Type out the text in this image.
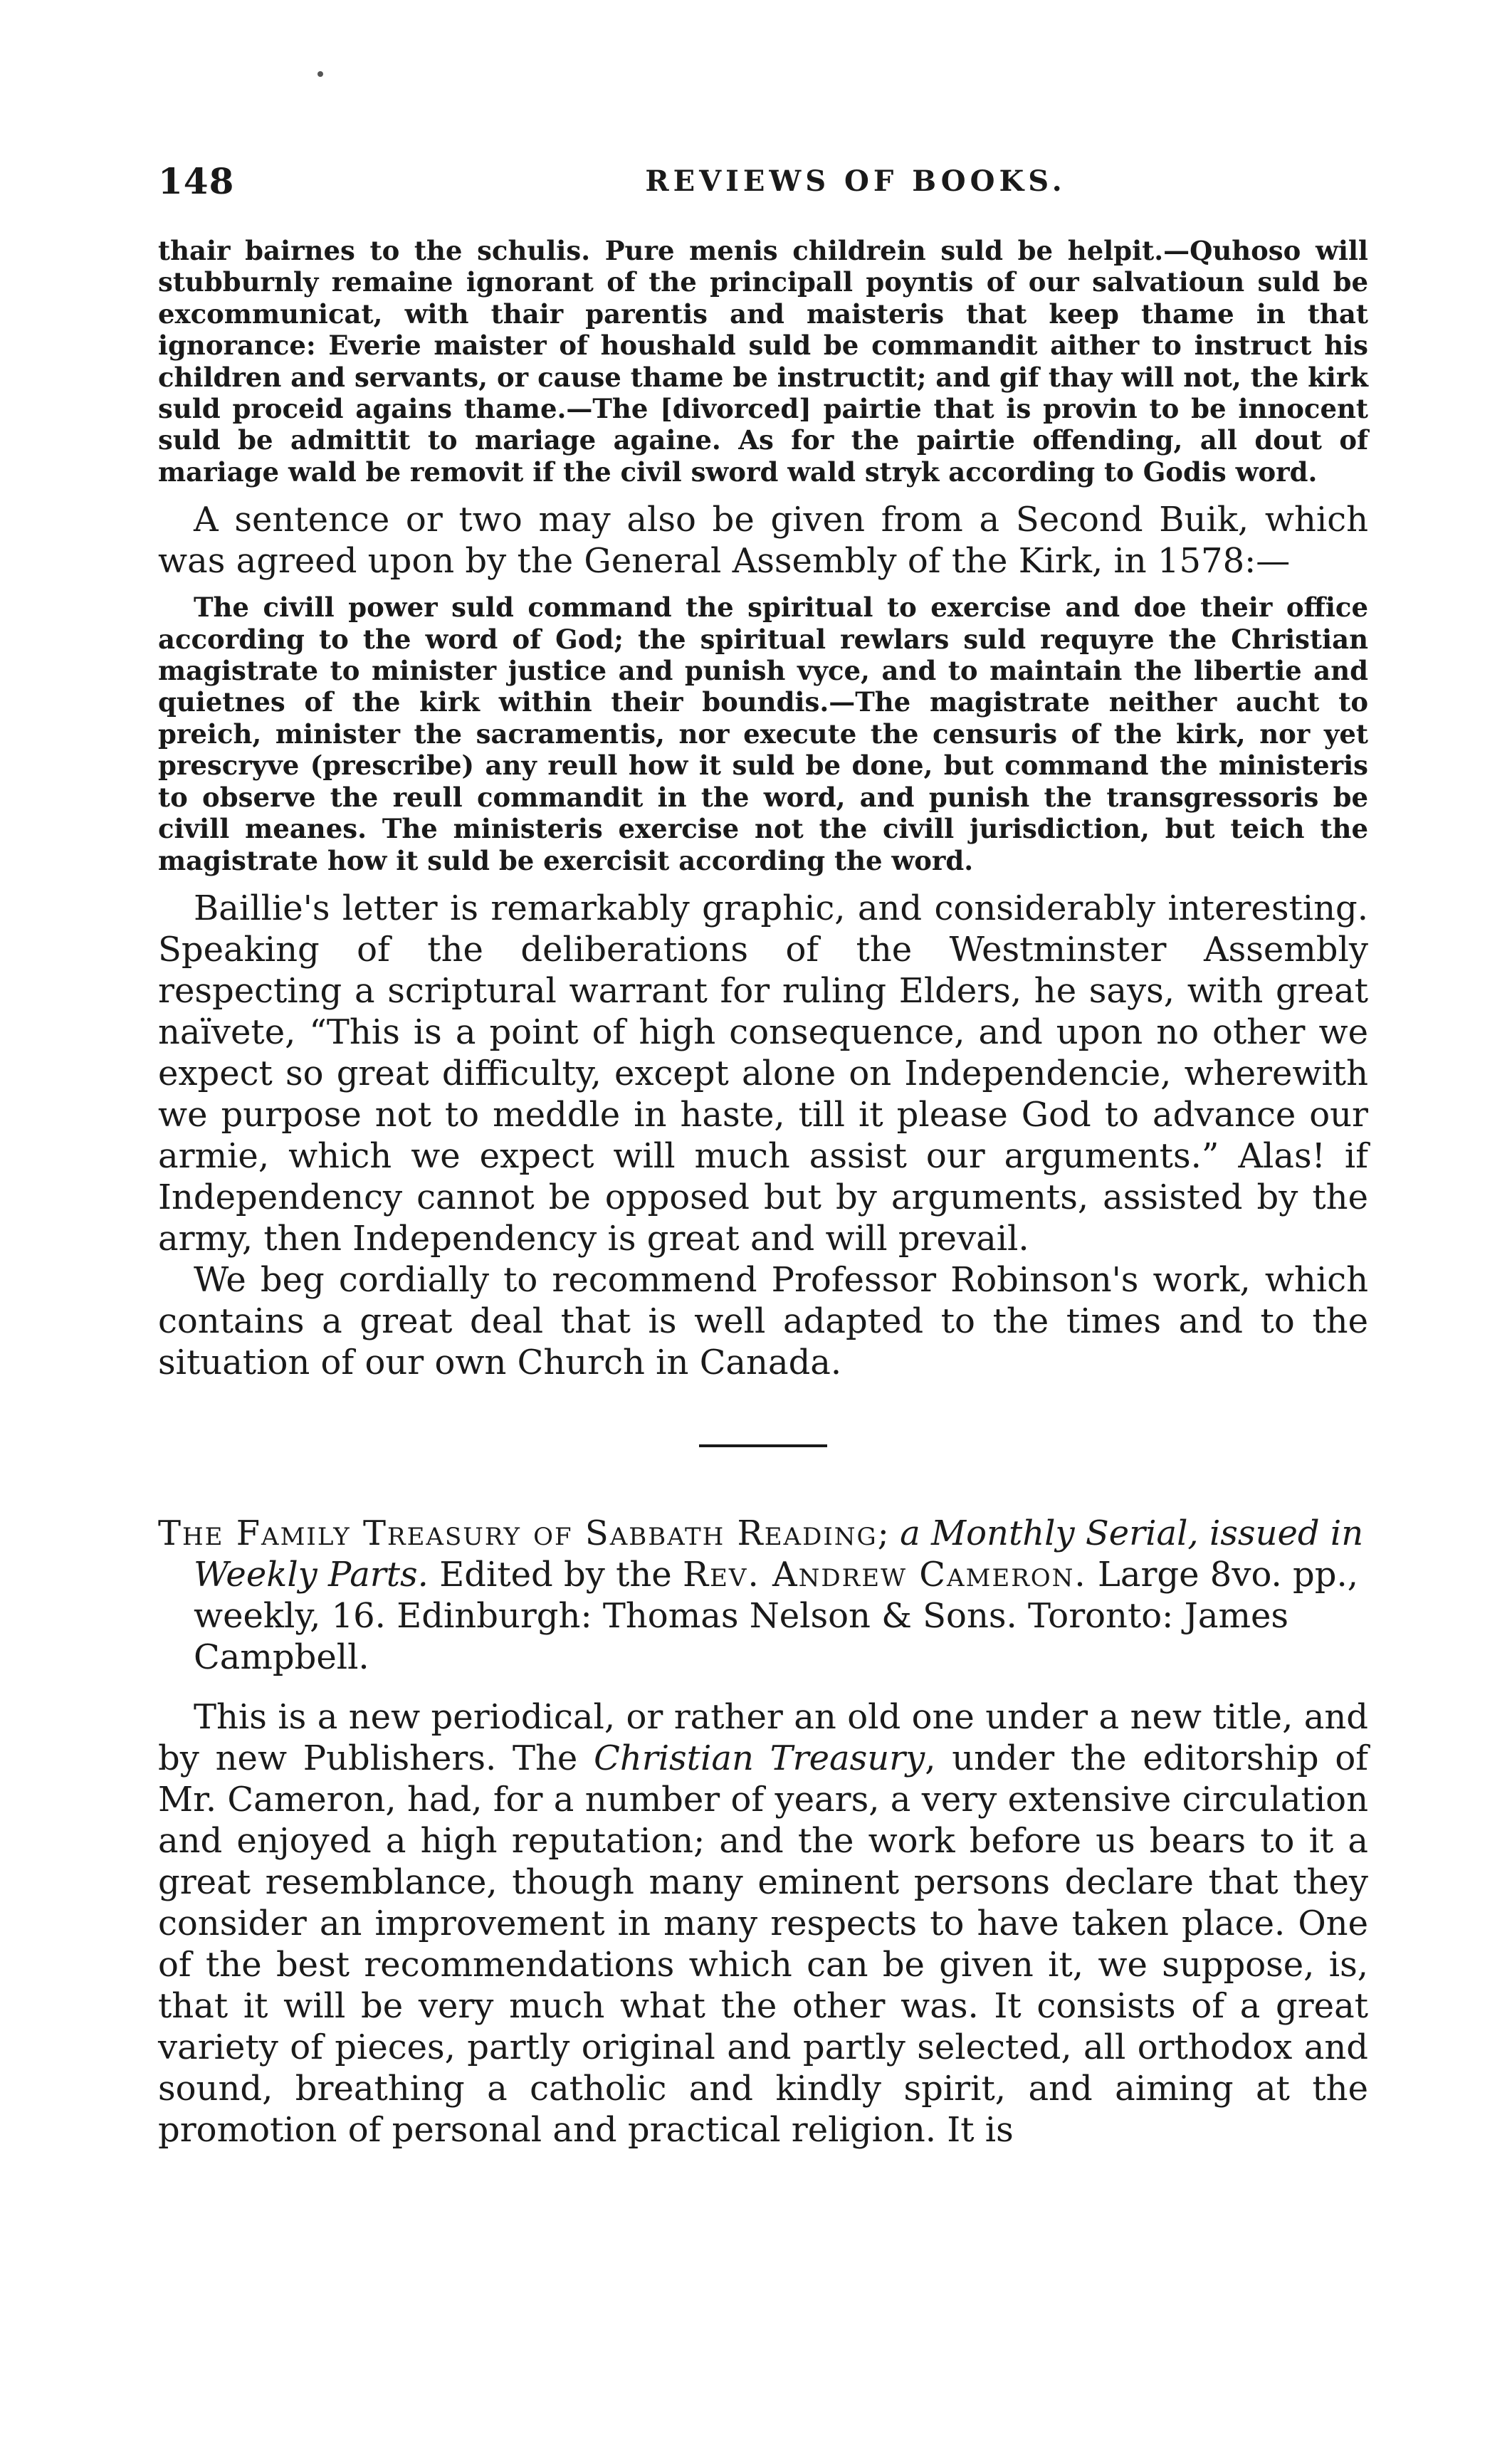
148	REVIEWS OF BOOKS.

thair bairnes to the schulis. Pure menis childrein suld be helpit.—Quhoso will stubburnly remaine ignorant of the principall poyntis of our salvatioun suld be excommunicat, with thair parentis and maisteris that keep thame in that ignorance: Everie maister of houshald suld be commandit aither to instruct his children and servants, or cause thame be instructit; and gif thay will not, the kirk suld proceid agains thame.—The [divorced] pairtie that is provin to be innocent suld be admittit to mariage againe. As for the pairtie offending, all dout of mariage wald be removit if the civil sword wald stryk according to Godis word.

A sentence or two may also be given from a Second Buik, which was agreed upon by the General Assembly of the Kirk, in 1578:—

The civill power suld command the spiritual to exercise and doe their office according to the word of God; the spiritual rewlars suld requyre the Christian magistrate to minister justice and punish vyce, and to maintain the libertie and quietnes of the kirk within their boundis.—The magistrate neither aucht to preich, minister the sacramentis, nor execute the censuris of the kirk, nor yet prescryve (prescribe) any reull how it suld be done, but command the ministeris to observe the reull commandit in the word, and punish the transgressoris be civill meanes. The ministeris exercise not the civill jurisdiction, but teich the magistrate how it suld be exercisit according the word.

Baillie's letter is remarkably graphic, and considerably interesting. Speaking of the deliberations of the Westminster Assembly respecting a scriptural warrant for ruling Elders, he says, with great naïvete, “This is a point of high consequence, and upon no other we expect so great difficulty, except alone on Independencie, wherewith we purpose not to meddle in haste, till it please God to advance our armie, which we expect will much assist our arguments.” Alas! if Independency cannot be opposed but by arguments, assisted by the army, then Independency is great and will prevail.

We beg cordially to recommend Professor Robinson's work, which contains a great deal that is well adapted to the times and to the situation of our own Church in Canada.

The Family Treasury of Sabbath Reading; a Monthly Serial, issued in Weekly Parts. Edited by the Rev. Andrew Cameron. Large 8vo. pp., weekly, 16. Edinburgh: Thomas Nelson & Sons. Toronto: James Campbell.

This is a new periodical, or rather an old one under a new title, and by new Publishers. The Christian Treasury, under the editorship of Mr. Cameron, had, for a number of years, a very extensive circulation and enjoyed a high reputation; and the work before us bears to it a great resemblance, though many eminent persons declare that they consider an improvement in many respects to have taken place. One of the best recommendations which can be given it, we suppose, is, that it will be very much what the other was. It consists of a great variety of pieces, partly original and partly selected, all orthodox and sound, breathing a catholic and kindly spirit, and aiming at the promotion of personal and practical religion. It is
